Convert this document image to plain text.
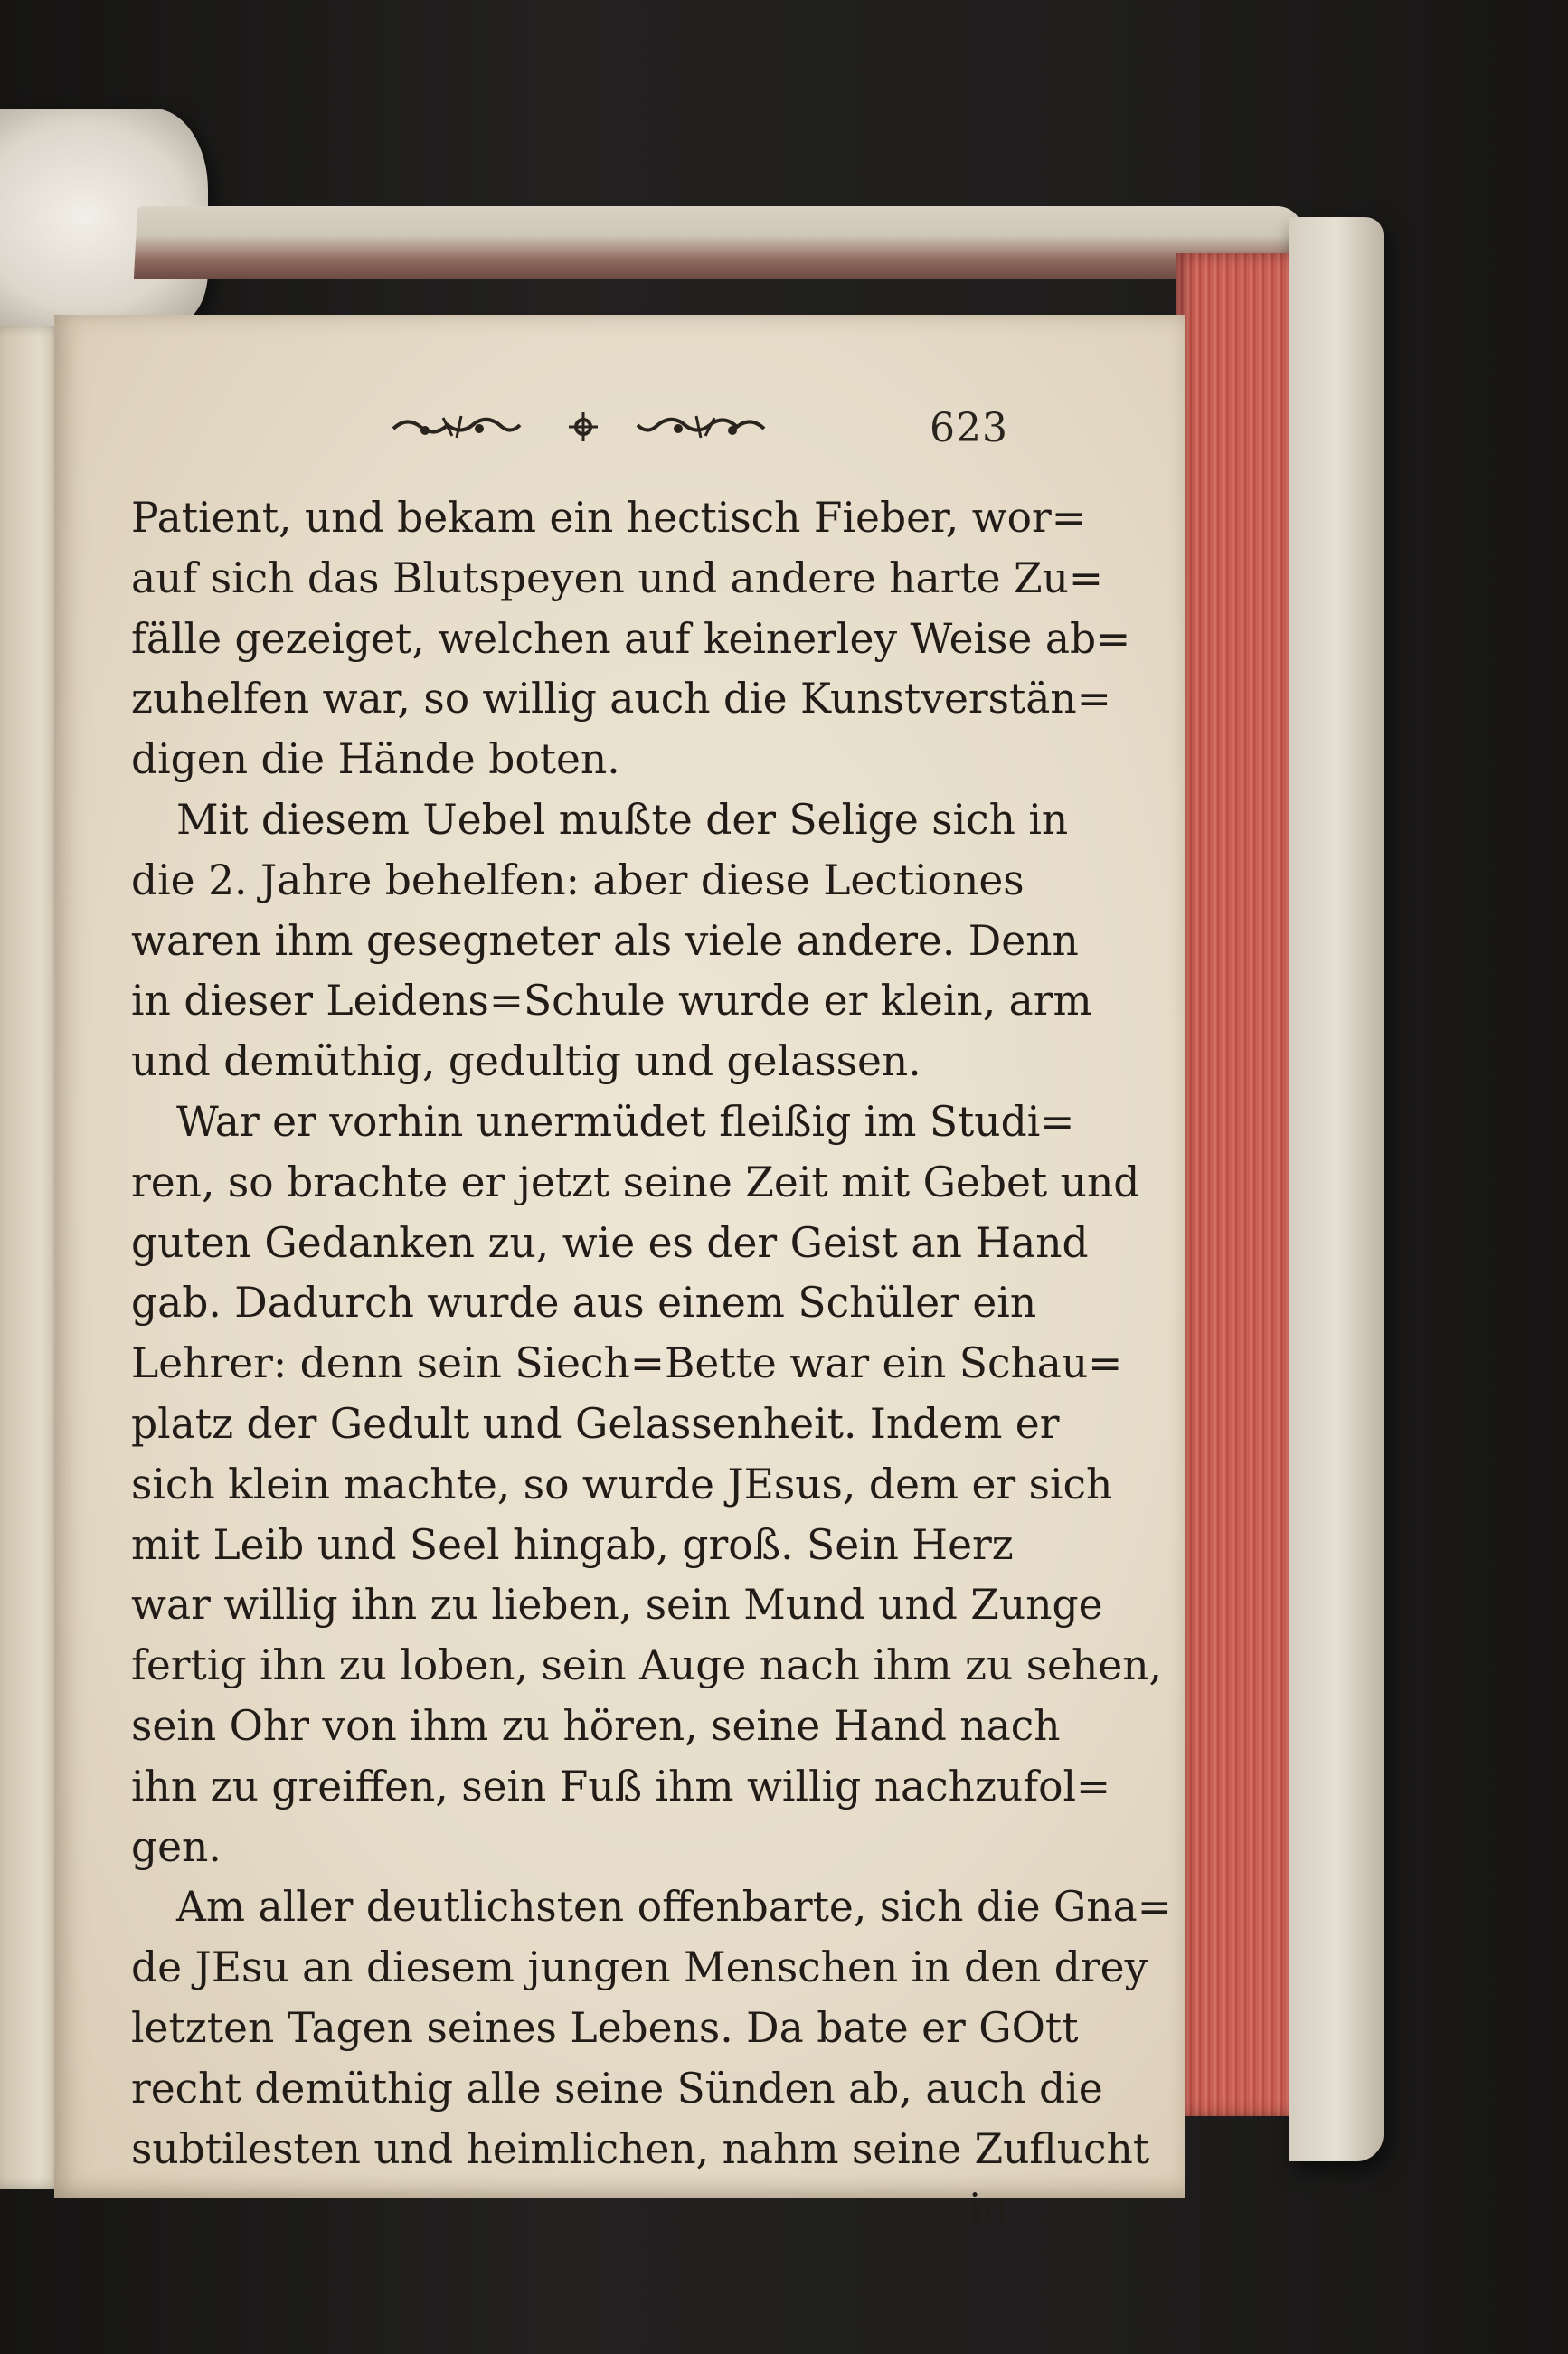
623
Patient, und bekam ein hectisch Fieber, wor=
auf sich das Blutspeyen und andere harte Zu=
fälle gezeiget, welchen auf keinerley Weise ab=
zuhelfen war, so willig auch die Kunstverstän=
digen die Hände boten.
Mit diesem Uebel mußte der Selige sich in
die 2. Jahre behelfen: aber diese Lectiones
waren ihm gesegneter als viele andere. Denn
in dieser Leidens=Schule wurde er klein, arm
und demüthig, gedultig und gelassen.
War er vorhin unermüdet fleißig im Studi=
ren, so brachte er jetzt seine Zeit mit Gebet und
guten Gedanken zu, wie es der Geist an Hand
gab. Dadurch wurde aus einem Schüler ein
Lehrer: denn sein Siech=Bette war ein Schau=
platz der Gedult und Gelassenheit. Indem er
sich klein machte, so wurde JEsus, dem er sich
mit Leib und Seel hingab, groß. Sein Herz
war willig ihn zu lieben, sein Mund und Zunge
fertig ihn zu loben, sein Auge nach ihm zu sehen,
sein Ohr von ihm zu hören, seine Hand nach
ihn zu greiffen, sein Fuß ihm willig nachzufol=
gen.
Am aller deutlichsten offenbarte, sich die Gna=
de JEsu an diesem jungen Menschen in den drey
letzten Tagen seines Lebens. Da bate er GOtt
recht demüthig alle seine Sünden ab, auch die
subtilesten und heimlichen, nahm seine Zuflucht
in
